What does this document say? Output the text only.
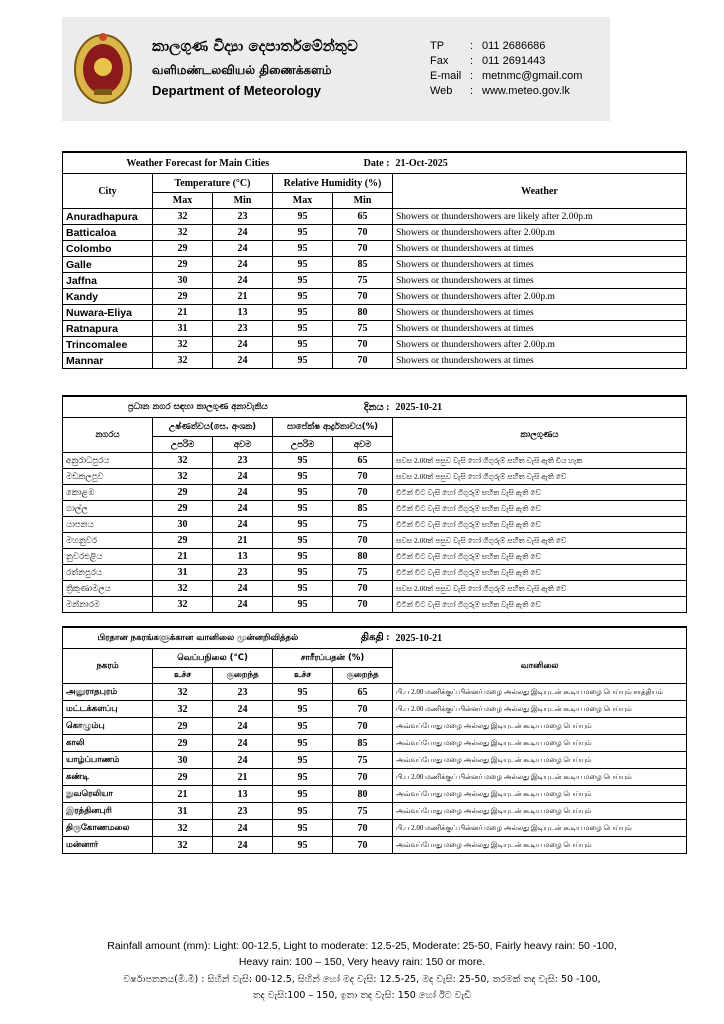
කාලගුණ විද්‍යා දෙපාර්තමේන්තුව
வளிமண்டலவியல் திணைக்களம்
Department of Meteorology
TP	: 011 2686686
Fax	: 011 2691443
E-mail : metnmc@gmail.com
Web	: www.meteo.gov.lk
Weather Forecast for Main Cities				Date :	21-Oct-2025
City	Temperature (°C)		Relative Humidity (%)		Weather
	Max	Min	Max	Min	
Anuradhapura	32	23	95	65	Showers or thundershowers are likely after 2.00p.m
Batticaloa	32	24	95	70	Showers or thundershowers after 2.00p.m
Colombo	29	24	95	70	Showers or thundershowers at times
Galle	29	24	95	85	Showers or thundershowers at times
Jaffna	30	24	95	75	Showers or thundershowers at times
Kandy	29	21	95	70	Showers or thundershowers after 2.00p.m
Nuwara-Eliya	21	13	95	80	Showers or thundershowers at times
Ratnapura	31	23	95	75	Showers or thundershowers at times
Trincomalee	32	24	95	70	Showers or thundershowers after 2.00p.m
Mannar	32	24	95	70	Showers or thundershowers at times
ප්‍රධාන නගර සඳහා කාලගුණ අනාවැකිය				දිනය :	2025-10-21
නගරය	උෂ්ණත්වය(සෙ. අංශක)		සාපේක්ෂ ආර්ද්‍රතාවය(%)		කාලගුණය
	උපරිම	අවම	උපරිම	අවම	
අනුරාධපුරය	32	23	95	65	සවස 2.00න් පසුව වැසි හෝ ගිගුරුම් සහිත වැසි ඇති වීය හැක
මඩකලපුව	32	24	95	70	සවස 2.00න් පසුව වැසි හෝ ගිගුරුම් සහිත වැසි ඇති වේ
කොළඹ	29	24	95	70	විටින් විට වැසි හෝ ගිගුරුම් සහිත වැසි ඇති වේ
ගාල්ල	29	24	95	85	විටින් විට වැසි හෝ ගිගුරුම් සහිත වැසි ඇති වේ
යාපනය	30	24	95	75	විටින් විට වැසි හෝ ගිගුරුම් සහිත වැසි ඇති වේ
මහනුවර	29	21	95	70	සවස 2.00න් පසුව වැසි හෝ ගිගුරුම් සහිත වැසි ඇති වේ
නුවරඑළිය	21	13	95	80	විටින් විට වැසි හෝ ගිගුරුම් සහිත වැසි ඇති වේ
රත්නපුරය	31	23	95	75	විටින් විට වැසි හෝ ගිගුරුම් සහිත වැසි ඇති වේ
ත්‍රිකුණාමලය	32	24	95	70	සවස 2.00න් පසුව වැසි හෝ ගිගුරුම් සහිත වැසි ඇති වේ
මන්නාරම	32	24	95	70	විටින් විට වැසි හෝ ගිගුරුම් සහිත වැසි ඇති වේ
பிரதான நகரங்களுக்கான வானிலை முன்னறிவித்தல்				திகதி :	2025-10-21
நகரம்	வெப்பநிலை (°C)		சாரீரப்பதன் (%)		வானிலை
	உச்ச	குறைந்த	உச்ச	குறைந்த	
அனுராதபுரம்	32	23	95	65	பி.ப 2.00 மணிக்குப் பின்னர் மழை அல்லது இடியுடன் கூடிய மழை பெய்யும் சாத்தியம்
மட்டக்களப்பு	32	24	95	70	பி.ப 2.00 மணிக்குப் பின்னர் மழை அல்லது இடியுடன் கூடிய மழை பெய்யும்
கொழும்பு	29	24	95	70	அவ்வப்போது மழை அல்லது இடியுடன் கூடிய மழை பெய்யும்
காலி	29	24	95	85	அவ்வப்போது மழை அல்லது இடியுடன் கூடிய மழை பெய்யும்
யாழ்ப்பாணம்	30	24	95	75	அவ்வப்போது மழை அல்லது இடியுடன் கூடிய மழை பெய்யும்
கண்டி	29	21	95	70	பி.ப 2.00 மணிக்குப் பின்னர் மழை அல்லது இடியுடன் கூடிய மழை பெய்யும்
நுவரெலியா	21	13	95	80	அவ்வப்போது மழை அல்லது இடியுடன் கூடிய மழை பெய்யும்
இரத்தினபுரி	31	23	95	75	அவ்வப்போது மழை அல்லது இடியுடன் கூடிய மழை பெய்யும்
திருகோணமலை	32	24	95	70	பி.ப 2.00 மணிக்குப் பின்னர் மழை அல்லது இடியுடன் கூடிய மழை பெய்யும்
மன்னார்	32	24	95	70	அவ்வப்போது மழை அல்லது இடியுடன் கூடிய மழை பெய்யும்
Rainfall amount (mm): Light: 00-12.5, Light to moderate: 12.5-25, Moderate: 25-50, Fairly heavy rain: 50 -100,
Heavy rain: 100 – 150, Very heavy rain: 150 or more.
වර්ෂාපතනය(මි.මී) : සිහින් වැසි: 00-12.5, සිහින් හෝ මද වැසි: 12.5-25, මද වැසි: 25-50, තරමක් තද වැසි: 50 -100,
තද වැසි:100 – 150, ඉතා තද වැසි: 150 හෝ ඊට වැඩි
